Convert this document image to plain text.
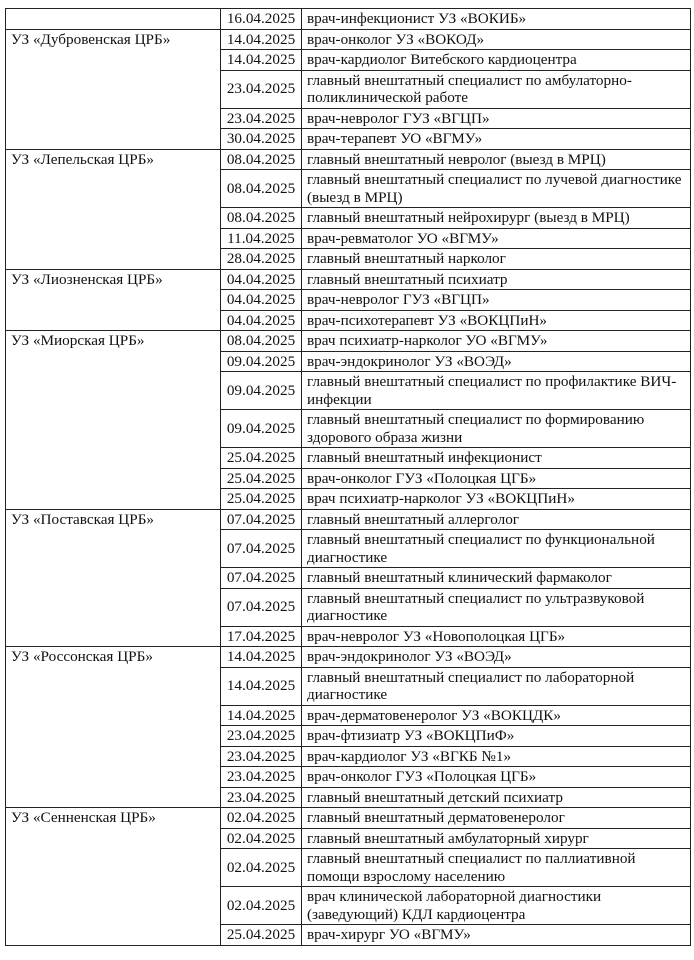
	16.04.2025	врач-инфекционист УЗ «ВОКИБ»
УЗ «Дубровенская ЦРБ»	14.04.2025	врач-онколог УЗ «ВОКОД»
	14.04.2025	врач-кардиолог Витебского кардиоцентра
	23.04.2025	главный внештатный специалист по амбулаторно-поликлинической работе
	23.04.2025	врач-невролог ГУЗ «ВГЦП»
	30.04.2025	врач-терапевт УО «ВГМУ»
УЗ «Лепельская ЦРБ»	08.04.2025	главный внештатный невролог (выезд в МРЦ)
	08.04.2025	главный внештатный специалист по лучевой диагностике (выезд в МРЦ)
	08.04.2025	главный внештатный нейрохирург (выезд в МРЦ)
	11.04.2025	врач-ревматолог УО «ВГМУ»
	28.04.2025	главный внештатный нарколог
УЗ «Лиозненская ЦРБ»	04.04.2025	главный внештатный психиатр
	04.04.2025	врач-невролог ГУЗ «ВГЦП»
	04.04.2025	врач-психотерапевт УЗ «ВОКЦПиН»
УЗ «Миорская ЦРБ»	08.04.2025	врач психиатр-нарколог УО «ВГМУ»
	09.04.2025	врач-эндокринолог УЗ «ВОЭД»
	09.04.2025	главный внештатный специалист по профилактике ВИЧ-инфекции
	09.04.2025	главный внештатный специалист по формированию здорового образа жизни
	25.04.2025	главный внештатный инфекционист
	25.04.2025	врач-онколог ГУЗ «Полоцкая ЦГБ»
	25.04.2025	врач психиатр-нарколог УЗ «ВОКЦПиН»
УЗ «Поставская ЦРБ»	07.04.2025	главный внештатный аллерголог
	07.04.2025	главный внештатный специалист по функциональной диагностике
	07.04.2025	главный внештатный клинический фармаколог
	07.04.2025	главный внештатный специалист по ультразвуковой диагностике
	17.04.2025	врач-невролог УЗ «Новополоцкая ЦГБ»
УЗ «Россонская ЦРБ»	14.04.2025	врач-эндокринолог УЗ «ВОЭД»
	14.04.2025	главный внештатный специалист по лабораторной диагностике
	14.04.2025	врач-дерматовенеролог УЗ «ВОКЦДК»
	23.04.2025	врач-фтизиатр УЗ «ВОКЦПиФ»
	23.04.2025	врач-кардиолог УЗ «ВГКБ №1»
	23.04.2025	врач-онколог ГУЗ «Полоцкая ЦГБ»
	23.04.2025	главный внештатный детский психиатр
УЗ «Сенненская ЦРБ»	02.04.2025	главный внештатный дерматовенеролог
	02.04.2025	главный внештатный амбулаторный хирург
	02.04.2025	главный внештатный специалист по паллиативной помощи взрослому населению
	02.04.2025	врач клинической лабораторной диагностики (заведующий) КДЛ кардиоцентра
	25.04.2025	врач-хирург УО «ВГМУ»
